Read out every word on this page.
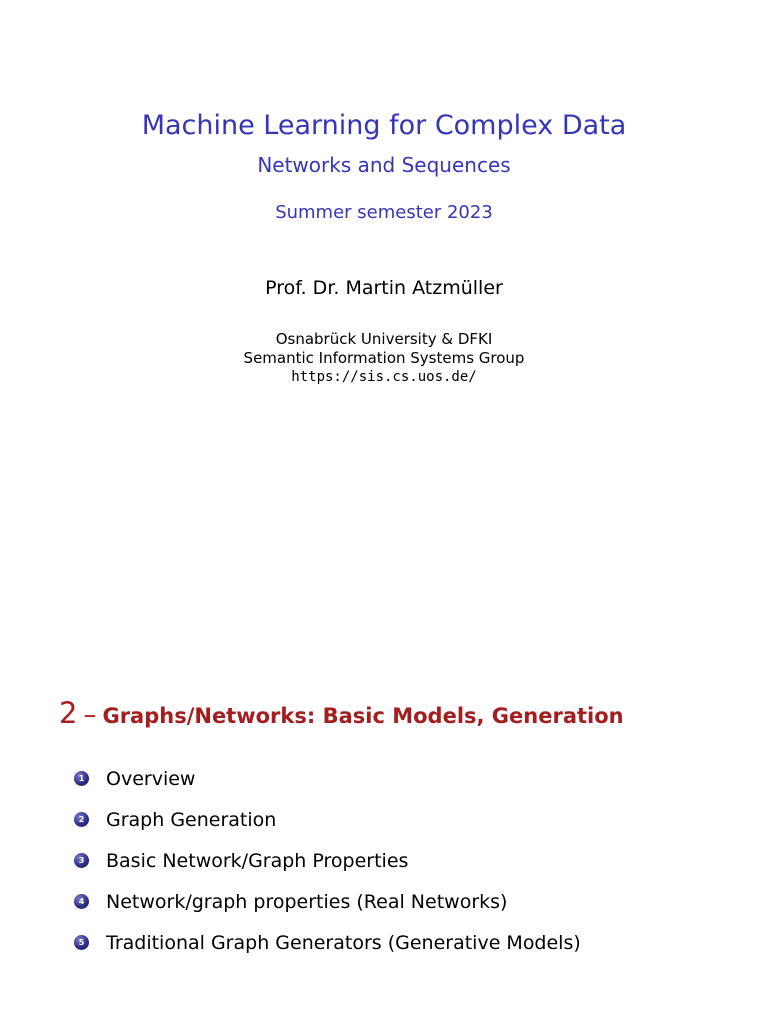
Machine Learning for Complex Data
Networks and Sequences
Summer semester 2023
Prof. Dr. Martin Atzmüller
Osnabrück University & DFKI
Semantic Information Systems Group
https://sis.cs.uos.de/
2 – Graphs/Networks: Basic Models, Generation
1 Overview
2 Graph Generation
3 Basic Network/Graph Properties
4 Network/graph properties (Real Networks)
5 Traditional Graph Generators (Generative Models)
